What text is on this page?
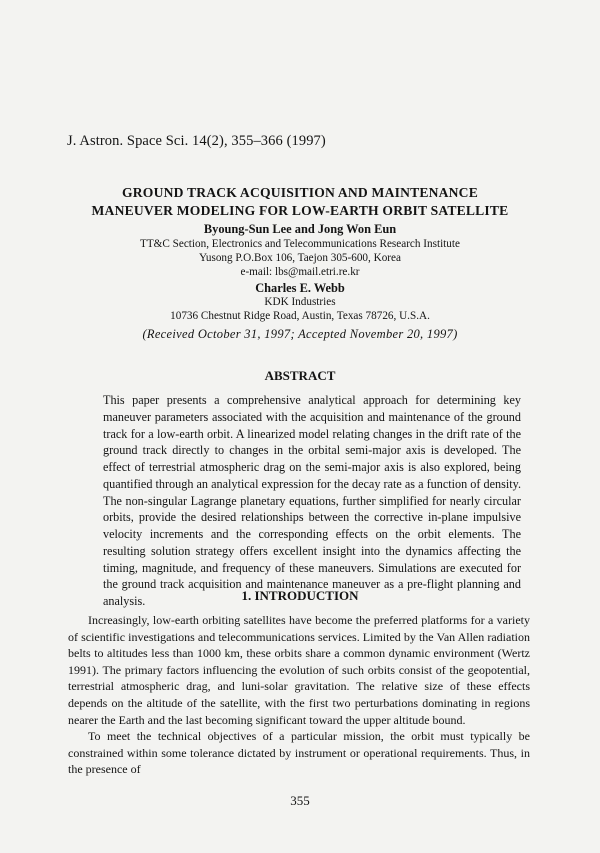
J. Astron. Space Sci. 14(2), 355–366 (1997)
GROUND TRACK ACQUISITION AND MAINTENANCE
MANEUVER MODELING FOR LOW-EARTH ORBIT SATELLITE
Byoung-Sun Lee and Jong Won Eun
TT&C Section, Electronics and Telecommunications Research Institute
Yusong P.O.Box 106, Taejon 305-600, Korea
e-mail: lbs@mail.etri.re.kr
Charles E. Webb
KDK Industries
10736 Chestnut Ridge Road, Austin, Texas 78726, U.S.A.
(Received October 31, 1997; Accepted November 20, 1997)
ABSTRACT

This paper presents a comprehensive analytical approach for determining key maneuver parameters associated with the acquisition and maintenance of the ground track for a low-earth orbit. A linearized model relating changes in the drift rate of the ground track directly to changes in the orbital semi-major axis is developed. The effect of terrestrial atmospheric drag on the semi-major axis is also explored, being quantified through an analytical expression for the decay rate as a function of density. The non-singular Lagrange planetary equations, further simplified for nearly circular orbits, provide the desired relationships between the corrective in-plane impulsive velocity increments and the corresponding effects on the orbit elements. The resulting solution strategy offers excellent insight into the dynamics affecting the timing, magnitude, and frequency of these maneuvers. Simulations are executed for the ground track acquisition and maintenance maneuver as a pre-flight planning and analysis.	1. INTRODUCTION

Increasingly, low-earth orbiting satellites have become the preferred platforms for a variety of scientific investigations and telecommunications services. Limited by the Van Allen radiation belts to altitudes less than 1000 km, these orbits share a common dynamic environment (Wertz 1991). The primary factors influencing the evolution of such orbits consist of the geopotential, terrestrial atmospheric drag, and luni-solar gravitation. The relative size of these effects depends on the altitude of the satellite, with the first two perturbations dominating in regions nearer the Earth and the last becoming significant toward the upper altitude bound.

To meet the technical objectives of a particular mission, the orbit must typically be constrained within some tolerance dictated by instrument or operational requirements. Thus, in the presence of

355
